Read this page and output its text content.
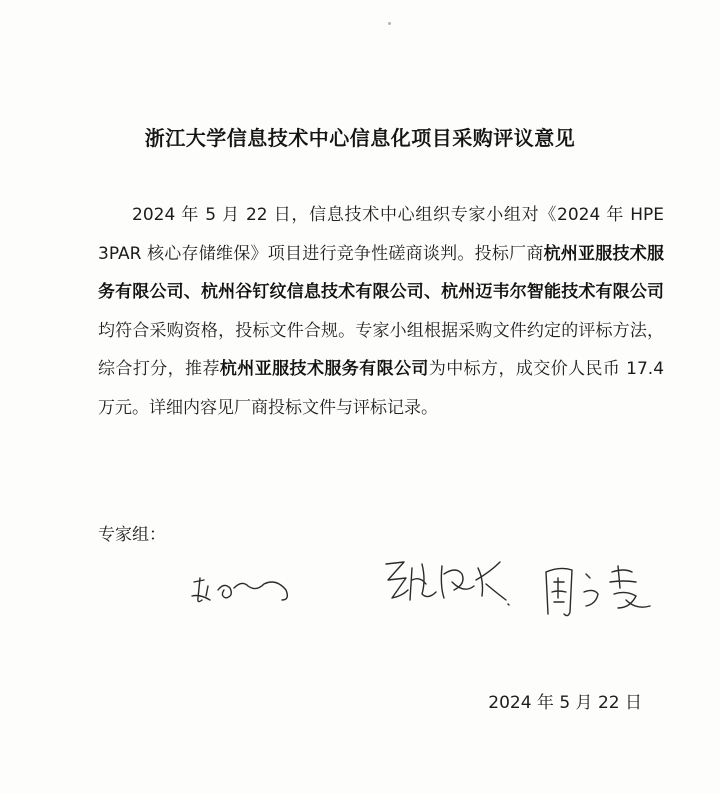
浙江大学信息技术中心信息化项目采购评议意见

2024 年 5 月 22 日，信息技术中心组织专家小组对《2024 年 HPE 3PAR 核心存储维保》项目进行竞争性磋商谈判。投标厂商杭州亚服技术服务有限公司、杭州谷钉纹信息技术有限公司、杭州迈韦尔智能技术有限公司均符合采购资格，投标文件合规。专家小组根据采购文件约定的评标方法，综合打分，推荐杭州亚服技术服务有限公司为中标方，成交价人民币 17.4 万元。详细内容见厂商投标文件与评标记录。

专家组：
2024 年 5 月 22 日
